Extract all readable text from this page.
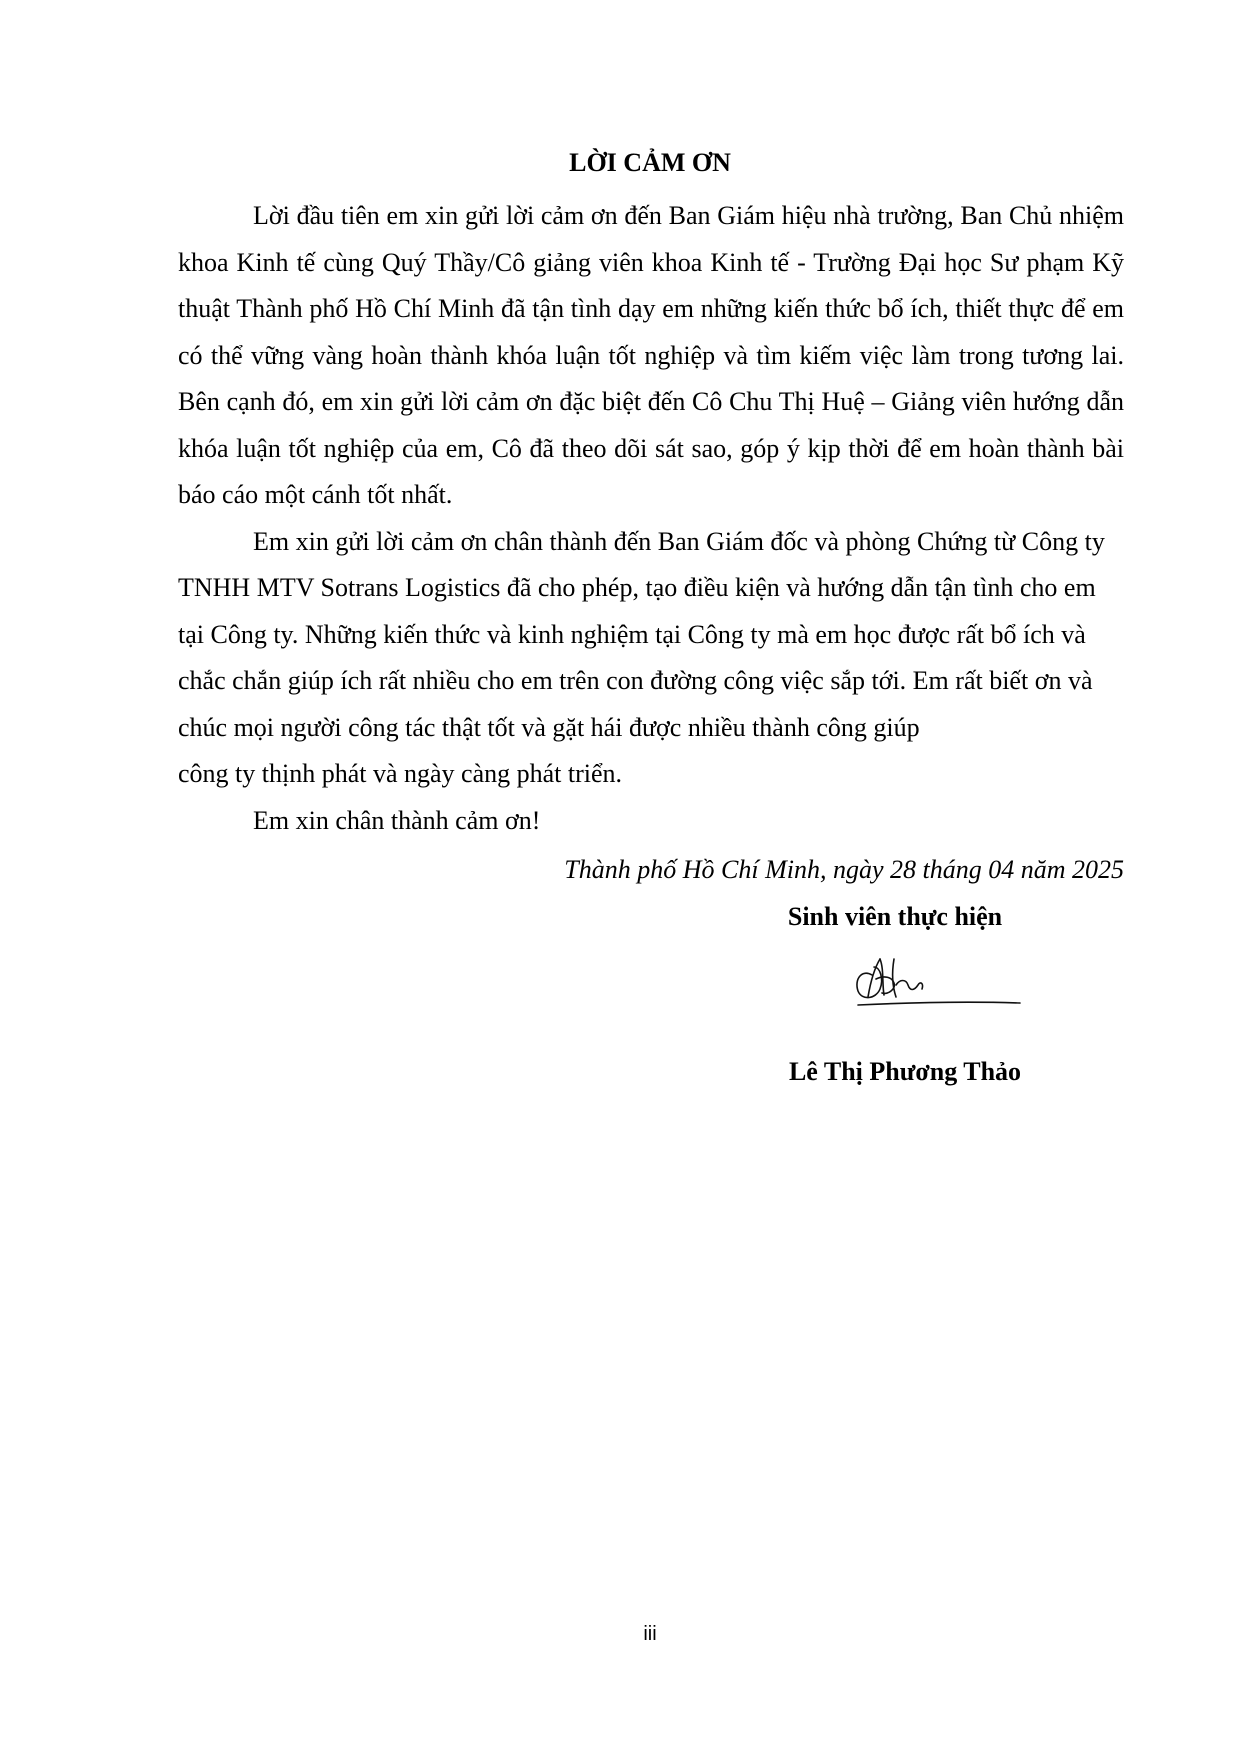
LỜI CẢM ƠN

Lời đầu tiên em xin gửi lời cảm ơn đến Ban Giám hiệu nhà trường, Ban Chủ nhiệm khoa Kinh tế cùng Quý Thầy/Cô giảng viên khoa Kinh tế - Trường Đại học Sư phạm Kỹ thuật Thành phố Hồ Chí Minh đã tận tình dạy em những kiến thức bổ ích, thiết thực để em có thể vững vàng hoàn thành khóa luận tốt nghiệp và tìm kiếm việc làm trong tương lai. Bên cạnh đó, em xin gửi lời cảm ơn đặc biệt đến Cô Chu Thị Huệ – Giảng viên hướng dẫn khóa luận tốt nghiệp của em, Cô đã theo dõi sát sao, góp ý kịp thời để em hoàn thành bài báo cáo một cánh tốt nhất.

Em xin gửi lời cảm ơn chân thành đến Ban Giám đốc và phòng Chứng từ Công ty TNHH MTV Sotrans Logistics đã cho phép, tạo điều kiện và hướng dẫn tận tình cho em tại Công ty. Những kiến thức và kinh nghiệm tại Công ty mà em học được rất bổ ích và chắc chắn giúp ích rất nhiều cho em trên con đường công việc sắp tới. Em rất biết ơn và chúc mọi người công tác thật tốt và gặt hái được nhiều thành công giúp
công ty thịnh phát và ngày càng phát triển.

Em xin chân thành cảm ơn!

Thành phố Hồ Chí Minh, ngày 28 tháng 04 năm 2025
Sinh viên thực hiện
Lê Thị Phương Thảo
iii
